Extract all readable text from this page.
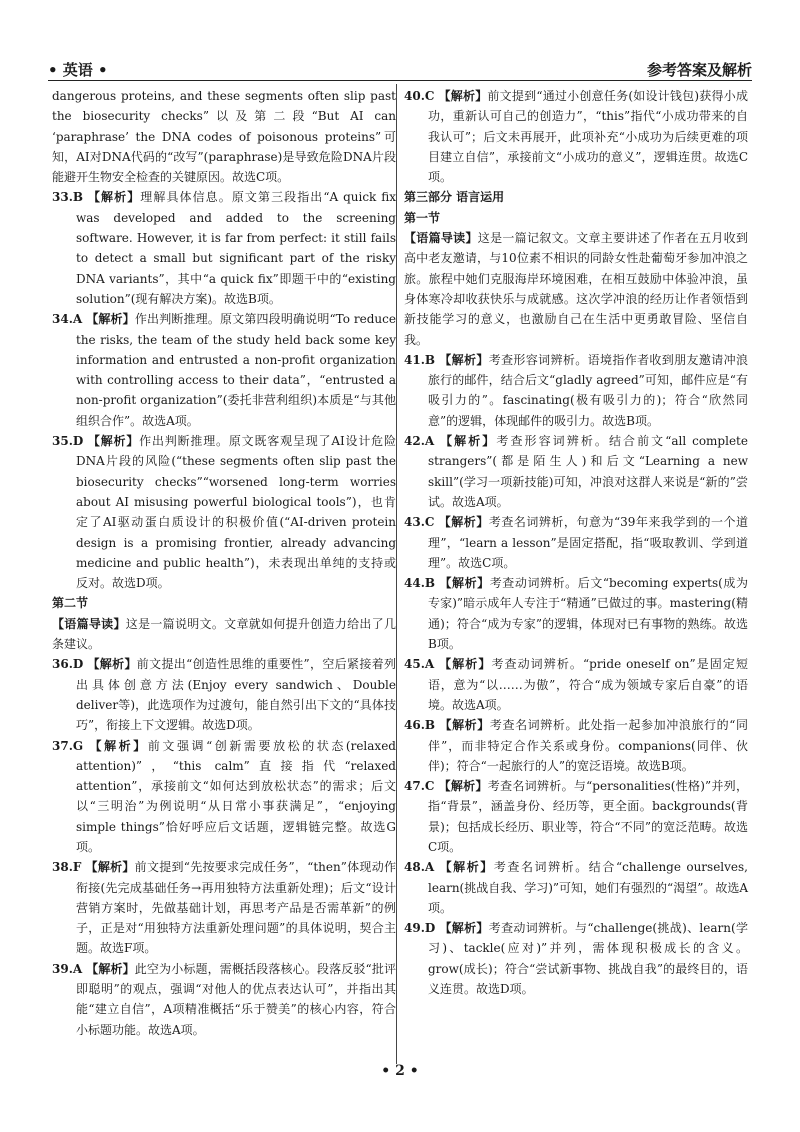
• 英语 •	参考答案及解析

dangerous proteins, and these segments often slip past the biosecurity checks”以及第二段“But AI can ‘paraphrase’ the DNA codes of poisonous proteins”可知，AI对DNA代码的“改写”(paraphrase)是导致危险DNA片段能避开生物安全检查的关键原因。故选C项。

33.B 【解析】理解具体信息。原文第三段指出“A quick fix was developed and added to the screening software. However, it is far from perfect: it still fails to detect a small but significant part of the risky DNA variants”，其中“a quick fix”即题干中的“existing solution”(现有解决方案)。故选B项。

34.A 【解析】作出判断推理。原文第四段明确说明“To reduce the risks, the team of the study held back some key information and entrusted a non-profit organization with controlling access to their data”，“entrusted a non-profit organization”(委托非营利组织)本质是“与其他组织合作”。故选A项。

35.D 【解析】作出判断推理。原文既客观呈现了AI设计危险DNA片段的风险(“these segments often slip past the biosecurity checks”“worsened long-term worries about AI misusing powerful biological tools”)，也肯定了AI驱动蛋白质设计的积极价值(“AI-driven protein design is a promising frontier, already advancing medicine and public health”)，未表现出单纯的支持或反对。故选D项。

第二节

【语篇导读】这是一篇说明文。文章就如何提升创造力给出了几条建议。

36.D 【解析】前文提出“创造性思维的重要性”，空后紧接着列出具体创意方法(Enjoy every sandwich、Double deliver等)，此选项作为过渡句，能自然引出下文的“具体技巧”，衔接上下文逻辑。故选D项。

37.G 【解析】前文强调“创新需要放松的状态(relaxed attention)”，“this calm”直接指代“relaxed attention”，承接前文“如何达到放松状态”的需求；后文以“三明治”为例说明“从日常小事获满足”，“enjoying simple things”恰好呼应后文话题，逻辑链完整。故选G项。

38.F 【解析】前文提到“先按要求完成任务”，“then”体现动作衔接(先完成基础任务→再用独特方法重新处理)；后文“设计营销方案时，先做基础计划，再思考产品是否需革新”的例子，正是对“用独特方法重新处理问题”的具体说明，契合主题。故选F项。

39.A 【解析】此空为小标题，需概括段落核心。段落反驳“批评即聪明”的观点，强调“对他人的优点表达认可”，并指出其能“建立自信”，A项精准概括“乐于赞美”的核心内容，符合小标题功能。故选A项。

40.C 【解析】前文提到“通过小创意任务(如设计钱包)获得小成功，重新认可自己的创造力”，“this”指代“小成功带来的自我认可”；后文未再展开，此项补充“小成功为后续更难的项目建立自信”，承接前文“小成功的意义”，逻辑连贯。故选C项。

第三部分 语言运用

第一节

【语篇导读】这是一篇记叙文。文章主要讲述了作者在五月收到高中老友邀请，与10位素不相识的同龄女性赴葡萄牙参加冲浪之旅。旅程中她们克服海岸环境困难，在相互鼓励中体验冲浪，虽身体寒冷却收获快乐与成就感。这次学冲浪的经历让作者领悟到新技能学习的意义，也激励自己在生活中更勇敢冒险、坚信自我。

41.B 【解析】考查形容词辨析。语境指作者收到朋友邀请冲浪旅行的邮件，结合后文“gladly agreed”可知，邮件应是“有吸引力的”。fascinating(极有吸引力的)；符合“欣然同意”的逻辑，体现邮件的吸引力。故选B项。

42.A 【解析】考查形容词辨析。结合前文“all complete strangers”(都是陌生人)和后文“Learning a new skill”(学习一项新技能)可知，冲浪对这群人来说是“新的”尝试。故选A项。

43.C 【解析】考查名词辨析，句意为“39年来我学到的一个道理”，“learn a lesson”是固定搭配，指“吸取教训、学到道理”。故选C项。

44.B 【解析】考查动词辨析。后文“becoming experts(成为专家)”暗示成年人专注于“精通”已做过的事。mastering(精通)；符合“成为专家”的逻辑，体现对已有事物的熟练。故选B项。

45.A 【解析】考查动词辨析。“pride oneself on”是固定短语，意为“以……为傲”，符合“成为领域专家后自豪”的语境。故选A项。

46.B 【解析】考查名词辨析。此处指一起参加冲浪旅行的“同伴”，而非特定合作关系或身份。companions(同伴、伙伴)；符合“一起旅行的人”的宽泛语境。故选B项。

47.C 【解析】考查名词辨析。与“personalities(性格)”并列，指“背景”，涵盖身份、经历等，更全面。backgrounds(背景)；包括成长经历、职业等，符合“不同”的宽泛范畴。故选C项。

48.A 【解析】考查名词辨析。结合“challenge ourselves, learn(挑战自我、学习)”可知，她们有强烈的“渴望”。故选A项。

49.D 【解析】考查动词辨析。与“challenge(挑战)、learn(学习)、tackle(应对)”并列，需体现积极成长的含义。grow(成长)；符合“尝试新事物、挑战自我”的最终目的，语义连贯。故选D项。

• 2 •
